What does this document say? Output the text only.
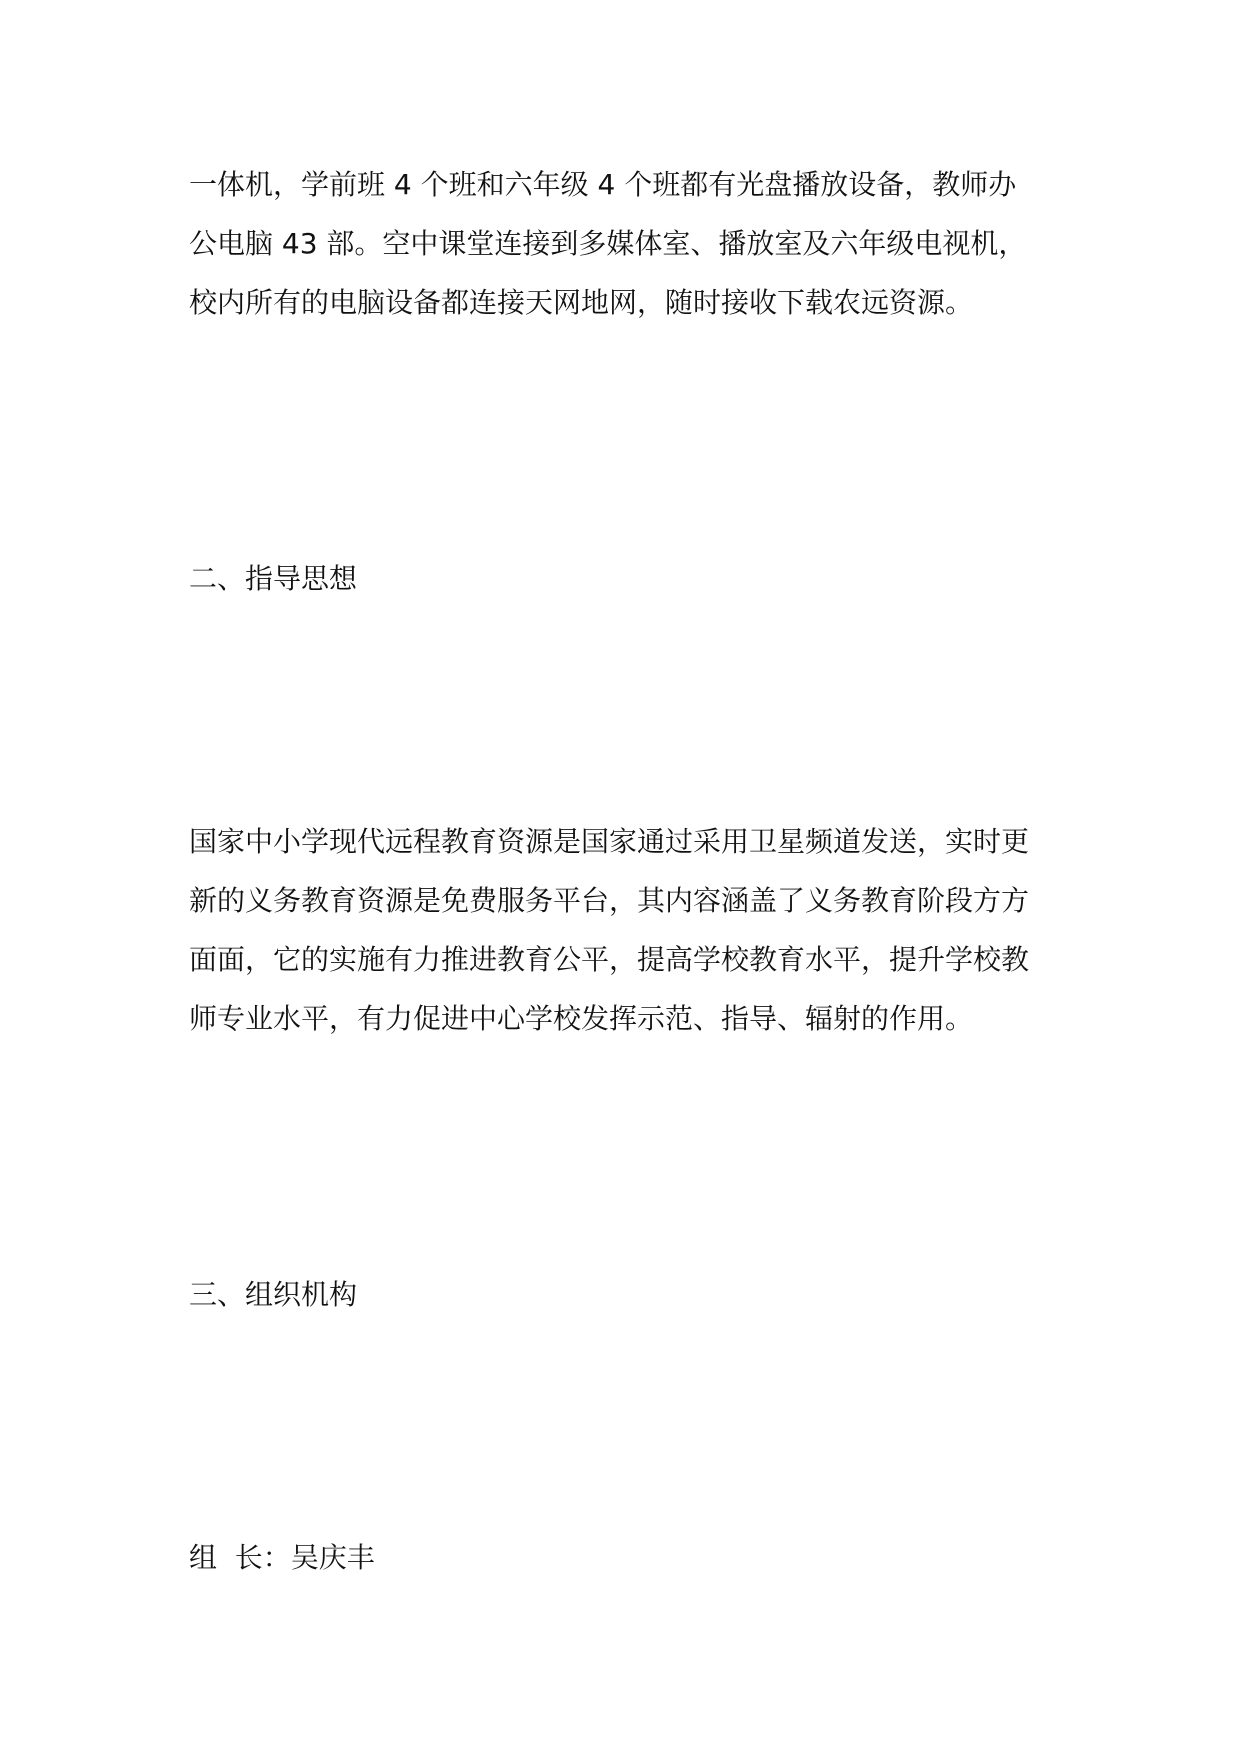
一体机，学前班 4 个班和六年级 4 个班都有光盘播放设备，教师办

公电脑 43 部。空中课堂连接到多媒体室、播放室及六年级电视机，

校内所有的电脑设备都连接天网地网，随时接收下载农远资源。

二、指导思想

国家中小学现代远程教育资源是国家通过采用卫星频道发送，实时更

新的义务教育资源是免费服务平台，其内容涵盖了义务教育阶段方方

面面，它的实施有力推进教育公平，提高学校教育水平，提升学校教

师专业水平，有力促进中心学校发挥示范、指导、辐射的作用。

三、组织机构

组  长：吴庆丰
